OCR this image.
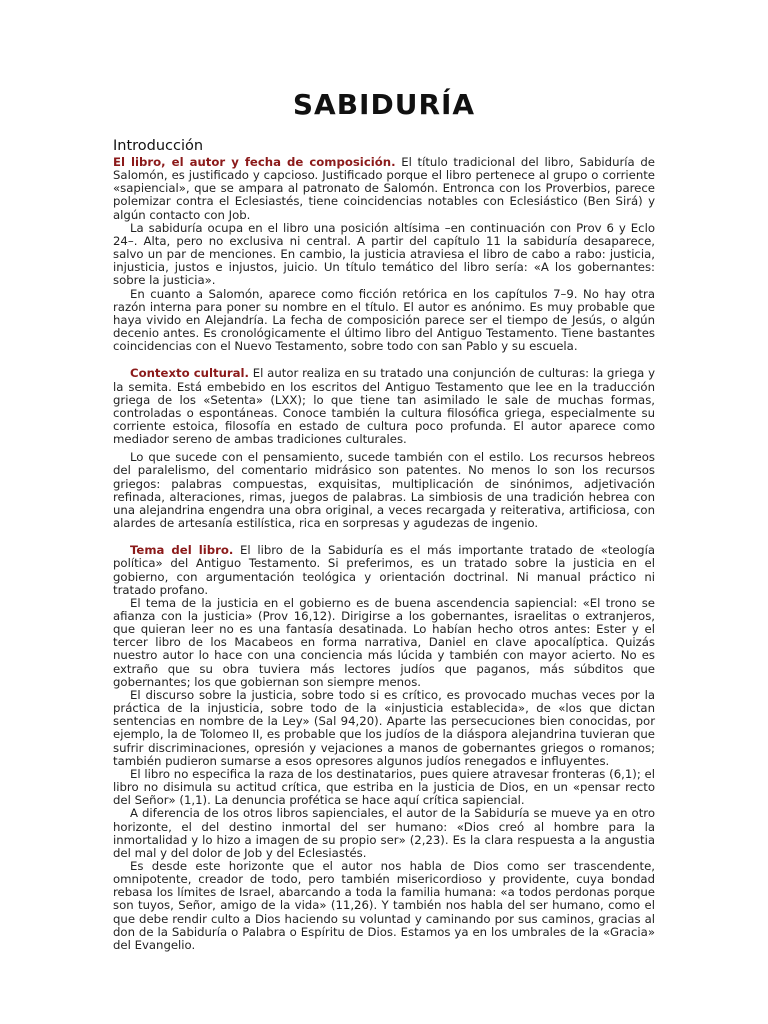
SABIDURÍA
Introducción

El libro, el autor y fecha de composición. El título tradicional del libro, Sabiduría de Salomón, es justificado y capcioso. Justificado porque el libro pertenece al grupo o corriente «sapiencial», que se ampara al patronato de Salomón. Entronca con los Proverbios, parece polemizar contra el Eclesiastés, tiene coincidencias notables con Eclesiástico (Ben Sirá) y algún contacto con Job.

La sabiduría ocupa en el libro una posición altísima –en continuación con Prov 6 y Eclo 24–. Alta, pero no exclusiva ni central. A partir del capítulo 11 la sabiduría desaparece, salvo un par de menciones. En cambio, la justicia atraviesa el libro de cabo a rabo: justicia, injusticia, justos e injustos, juicio. Un título temático del libro sería: «A los gobernantes: sobre la justicia».

En cuanto a Salomón, aparece como ficción retórica en los capítulos 7–9. No hay otra razón interna para poner su nombre en el título. El autor es anónimo. Es muy probable que haya vivido en Alejandría. La fecha de composición parece ser el tiempo de Jesús, o algún decenio antes. Es cronológicamente el último libro del Antiguo Testamento. Tiene bastantes coincidencias con el Nuevo Testamento, sobre todo con san Pablo y su escuela.

Contexto cultural. El autor realiza en su tratado una conjunción de culturas: la griega y la semita. Está embebido en los escritos del Antiguo Testamento que lee en la traducción griega de los «Setenta» (LXX); lo que tiene tan asimilado le sale de muchas formas, controladas o espontáneas. Conoce también la cultura filosófica griega, especialmente su corriente estoica, filosofía en estado de cultura poco profunda. El autor aparece como mediador sereno de ambas tradiciones culturales.

Lo que sucede con el pensamiento, sucede también con el estilo. Los recursos hebreos del paralelismo, del comentario midrásico son patentes. No menos lo son los recursos griegos: palabras compuestas, exquisitas, multiplicación de sinónimos, adjetivación refinada, alteraciones, rimas, juegos de palabras. La simbiosis de una tradición hebrea con una alejandrina engendra una obra original, a veces recargada y reiterativa, artificiosa, con alardes de artesanía estilística, rica en sorpresas y agudezas de ingenio.

Tema del libro. El libro de la Sabiduría es el más importante tratado de «teología política» del Antiguo Testamento. Si preferimos, es un tratado sobre la justicia en el gobierno, con argumentación teológica y orientación doctrinal. Ni manual práctico ni tratado profano.

El tema de la justicia en el gobierno es de buena ascendencia sapiencial: «El trono se afianza con la justicia» (Prov 16,12). Dirigirse a los gobernantes, israelitas o extranjeros, que quieran leer no es una fantasía desatinada. Lo habían hecho otros antes: Ester y el tercer libro de los Macabeos en forma narrativa, Daniel en clave apocalíptica. Quizás nuestro autor lo hace con una conciencia más lúcida y también con mayor acierto. No es extraño que su obra tuviera más lectores judíos que paganos, más súbditos que gobernantes; los que gobiernan son siempre menos.

El discurso sobre la justicia, sobre todo si es crítico, es provocado muchas veces por la práctica de la injusticia, sobre todo de la «injusticia establecida», de «los que dictan sentencias en nombre de la Ley» (Sal 94,20). Aparte las persecuciones bien conocidas, por ejemplo, la de Tolomeo II, es probable que los judíos de la diáspora alejandrina tuvieran que sufrir discriminaciones, opresión y vejaciones a manos de gobernantes griegos o romanos; también pudieron sumarse a esos opresores algunos judíos renegados e influyentes.

El libro no especifica la raza de los destinatarios, pues quiere atravesar fronteras (6,1); el libro no disimula su actitud crítica, que estriba en la justicia de Dios, en un «pensar recto del Señor» (1,1). La denuncia profética se hace aquí crítica sapiencial.

A diferencia de los otros libros sapienciales, el autor de la Sabiduría se mueve ya en otro horizonte, el del destino inmortal del ser humano: «Dios creó al hombre para la inmortalidad y lo hizo a imagen de su propio ser» (2,23). Es la clara respuesta a la angustia del mal y del dolor de Job y del Eclesiastés.

Es desde este horizonte que el autor nos habla de Dios como ser trascendente, omnipotente, creador de todo, pero también misericordioso y providente, cuya bondad rebasa los límites de Israel, abarcando a toda la familia humana: «a todos perdonas porque son tuyos, Señor, amigo de la vida» (11,26). Y también nos habla del ser humano, como el que debe rendir culto a Dios haciendo su voluntad y caminando por sus caminos, gracias al don de la Sabiduría o Palabra o Espíritu de Dios. Estamos ya en los umbrales de la «Gracia» del Evangelio.
